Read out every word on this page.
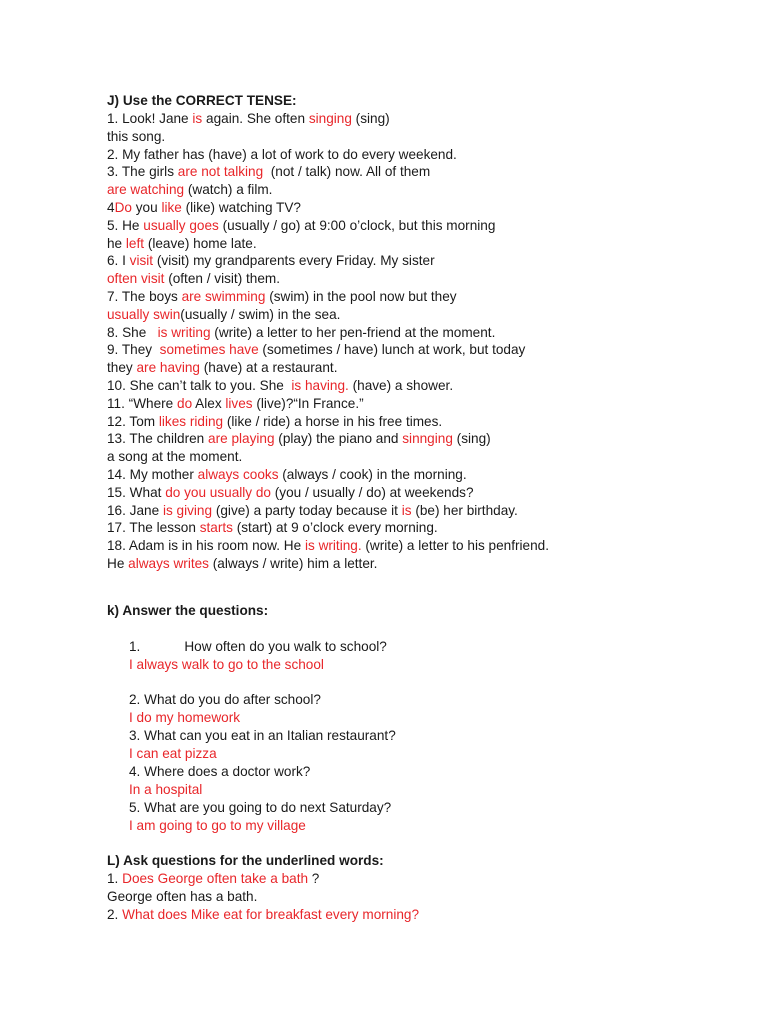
J) Use the CORRECT TENSE:
1. Look! Jane is again. She often singing (sing)
this song.
2. My father has (have) a lot of work to do every weekend.
3. The girls are not talking  (not / talk) now. All of them
are watching (watch) a film.
4Do you like (like) watching TV?
5. He usually goes (usually / go) at 9:00 o’clock, but this morning
he left (leave) home late.
6. I visit (visit) my grandparents every Friday. My sister
often visit (often / visit) them.
7. The boys are swimming (swim) in the pool now but they
usually swin(usually / swim) in the sea.
8. She   is writing (write) a letter to her pen-friend at the moment.
9. They  sometimes have (sometimes / have) lunch at work, but today
they are having (have) at a restaurant.
10. She can’t talk to you. She  is having. (have) a shower.
11. “Where do Alex lives (live)?“In France.”
12. Tom likes riding (like / ride) a horse in his free times.
13. The children are playing (play) the piano and sinnging (sing)
a song at the moment.
14. My mother always cooks (always / cook) in the morning.
15. What do you usually do (you / usually / do) at weekends?
16. Jane is giving (give) a party today because it is (be) her birthday.
17. The lesson starts (start) at 9 o’clock every morning.
18. Adam is in his room now. He is writing. (write) a letter to his penfriend.
He always writes (always / write) him a letter.
k) Answer the questions:
1.	How often do you walk to school?
I always walk to go to the school
2. What do you do after school?
I do my homework
3. What can you eat in an Italian restaurant?
I can eat pizza
4. Where does a doctor work?
In a hospital
5. What are you going to do next Saturday?
I am going to go to my village
L) Ask questions for the underlined words:
1. Does George often take a bath ?
George often has a bath.
2. What does Mike eat for breakfast every morning?
